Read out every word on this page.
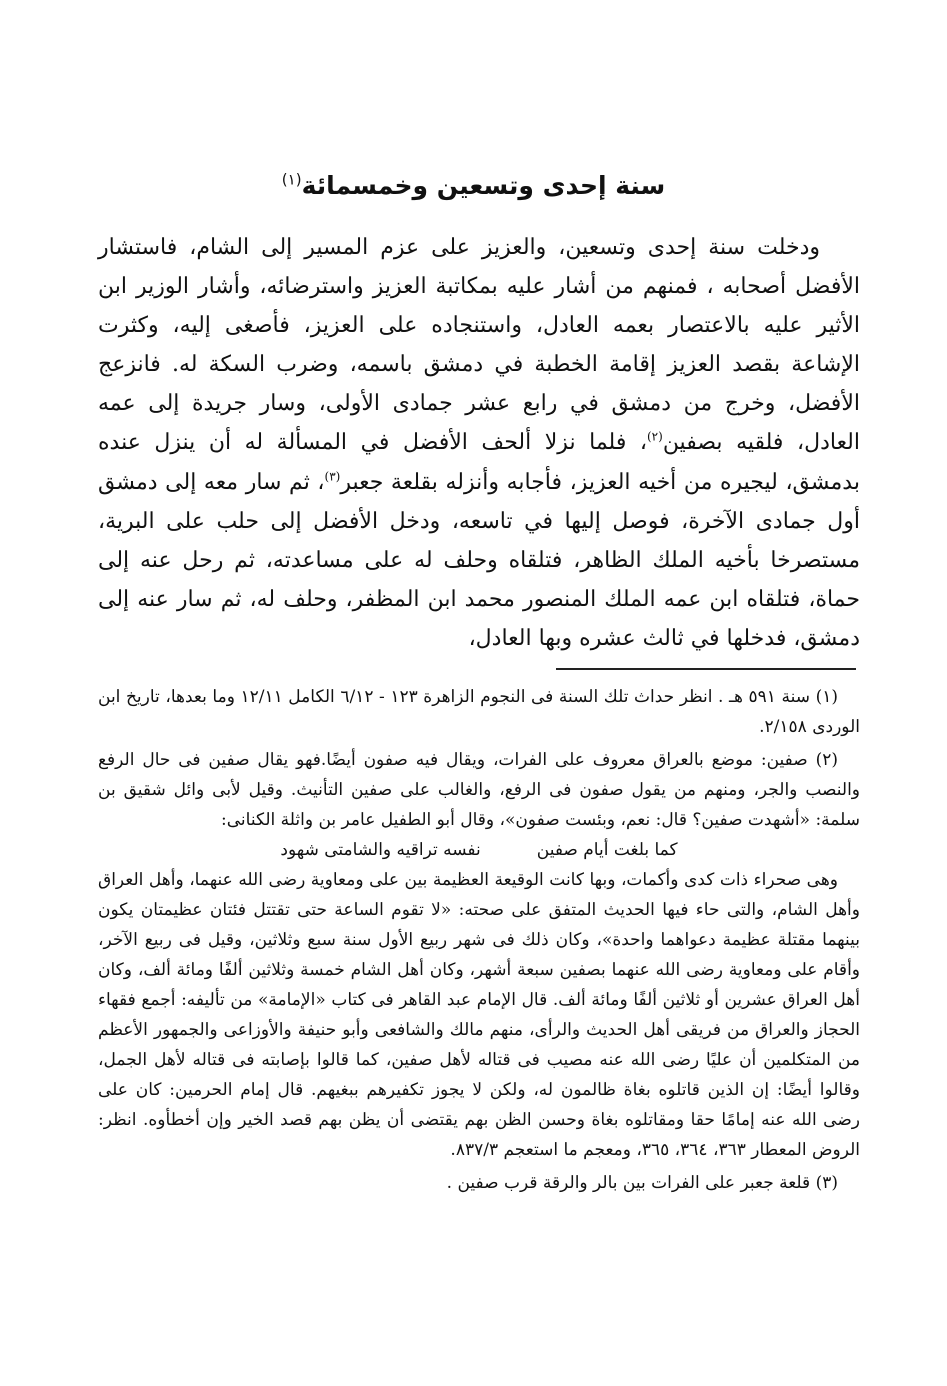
سنة إحدى وتسعين وخمسمائة$^{(١)}$

ودخلت سنة إحدى وتسعين، والعزيز على عزم المسير إلى الشام، فاستشار الأفضل أصحابه ، فمنهم من أشار عليه بمكاتبة العزيز واسترضائه، وأشار الوزير ابن الأثير عليه بالاعتصار بعمه العادل، واستنجاده على العزيز، فأصغى إليه، وكثرت الإشاعة بقصد العزيز إقامة الخطبة في دمشق باسمه، وضرب السكة له. فانزعج الأفضل، وخرج من دمشق في رابع عشر جمادى الأولى، وسار جريدة إلى عمه العادل، فلقيه بصفين$^{(٢)}$، فلما نزلا ألحف الأفضل في المسألة له أن ينزل عنده بدمشق، ليجيره من أخيه العزيز، فأجابه وأنزله بقلعة جعبر$^{(٣)}$، ثم سار معه إلى دمشق أول جمادى الآخرة، فوصل إليها في تاسعه، ودخل الأفضل إلى حلب على البرية، مستصرخا بأخيه الملك الظاهر، فتلقاه وحلف له على مساعدته، ثم رحل عنه إلى حماة، فتلقاه ابن عمه الملك المنصور محمد ابن المظفر، وحلف له، ثم سار عنه إلى دمشق، فدخلها في ثالث عشره وبها العادل،

(١) سنة ٥٩١ هـ . انظر حداث تلك السنة فى النجوم الزاهرة ١٢٣ - ٦/١٢ الكامل ١٢/١١ وما بعدها، تاريخ ابن الوردى ٢/١٥٨.

(٢) صفين: موضع بالعراق معروف على الفرات، ويقال فيه صفون أيضًا.فهو يقال صفين فى حال الرفع والنصب والجر، ومنهم من يقول صفون فى الرفع، والغالب على صفين التأنيث. وقيل لأبى وائل شقيق بن سلمة: «أشهدت صفين؟ قال: نعم، وبئست صفون»، وقال أبو الطفيل عامر بن واثلة الكنانى:

كما بلغت أيام صفين
نفسه تراقيه والشامتى شهود

وهى صحراء ذات كدى وأكمات، وبها كانت الوقيعة العظيمة بين على ومعاوية رضى الله عنهما، وأهل العراق وأهل الشام، والتى حاء فيها الحديث المتفق على صحته: «لا تقوم الساعة حتى تقتتل فئتان عظيمتان يكون بينهما مقتلة عظيمة دعواهما واحدة»، وكان ذلك فى شهر ربيع الأول سنة سبع وثلاثين، وقيل فى ربيع الآخر، وأقام على ومعاوية رضى الله عنهما بصفين سبعة أشهر، وكان أهل الشام خمسة وثلاثين ألفًا ومائة ألف، وكان أهل العراق عشرين أو ثلاثين ألفًا ومائة ألف. قال الإمام عبد القاهر فى كتاب «الإمامة» من تأليفه: أجمع فقهاء الحجاز والعراق من فريقى أهل الحديث والرأى، منهم مالك والشافعى وأبو حنيفة والأوزاعى والجمهور الأعظم من المتكلمين أن عليًا رضى الله عنه مصيب فى قتاله لأهل صفين، كما قالوا بإصابته فى قتاله لأهل الجمل، وقالوا أيضًا: إن الذين قاتلوه بغاة ظالمون له، ولكن لا يجوز تكفيرهم ببغيهم. قال إمام الحرمين: كان على رضى الله عنه إمامًا حقا ومقاتلوه بغاة وحسن الظن بهم يقتضى أن يظن بهم قصد الخير وإن أخطأوه. انظر: الروض المعطار ٣٦٣، ٣٦٤، ٣٦٥، ومعجم ما استعجم ٨٣٧/٣.

(٣) قلعة جعبر على الفرات بين بالر والرقة قرب صفين .
